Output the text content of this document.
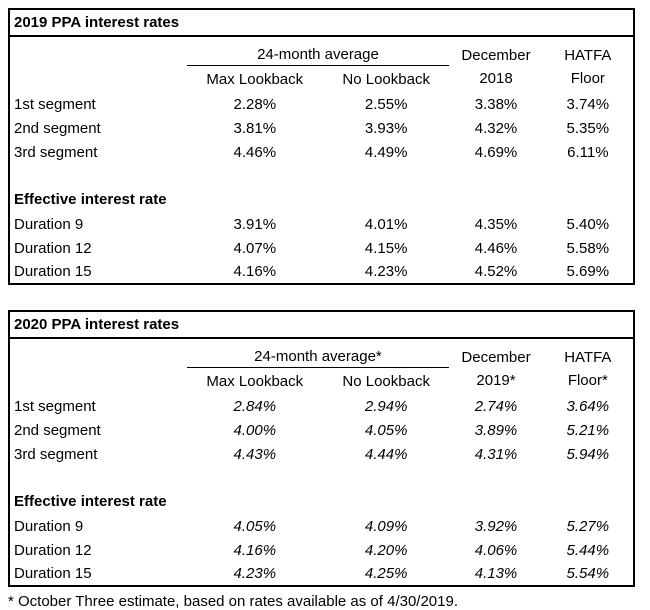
2019 PPA interest rates				
	24-month average		December	HATFA
	Max Lookback	No Lookback	2018	Floor
1st segment	2.28%	2.55%	3.38%	3.74%
2nd segment	3.81%	3.93%	4.32%	5.35%
3rd segment	4.46%	4.49%	4.69%	6.11%

Effective interest rate				
Duration 9	3.91%	4.01%	4.35%	5.40%
Duration 12	4.07%	4.15%	4.46%	5.58%
Duration 15	4.16%	4.23%	4.52%	5.69%
2020 PPA interest rates				
	24-month average*		December	HATFA
	Max Lookback	No Lookback	2019*	Floor*
1st segment	2.84%	2.94%	2.74%	3.64%
2nd segment	4.00%	4.05%	3.89%	5.21%
3rd segment	4.43%	4.44%	4.31%	5.94%

Effective interest rate				
Duration 9	4.05%	4.09%	3.92%	5.27%
Duration 12	4.16%	4.20%	4.06%	5.44%
Duration 15	4.23%	4.25%	4.13%	5.54%
* October Three estimate, based on rates available as of 4/30/2019.
